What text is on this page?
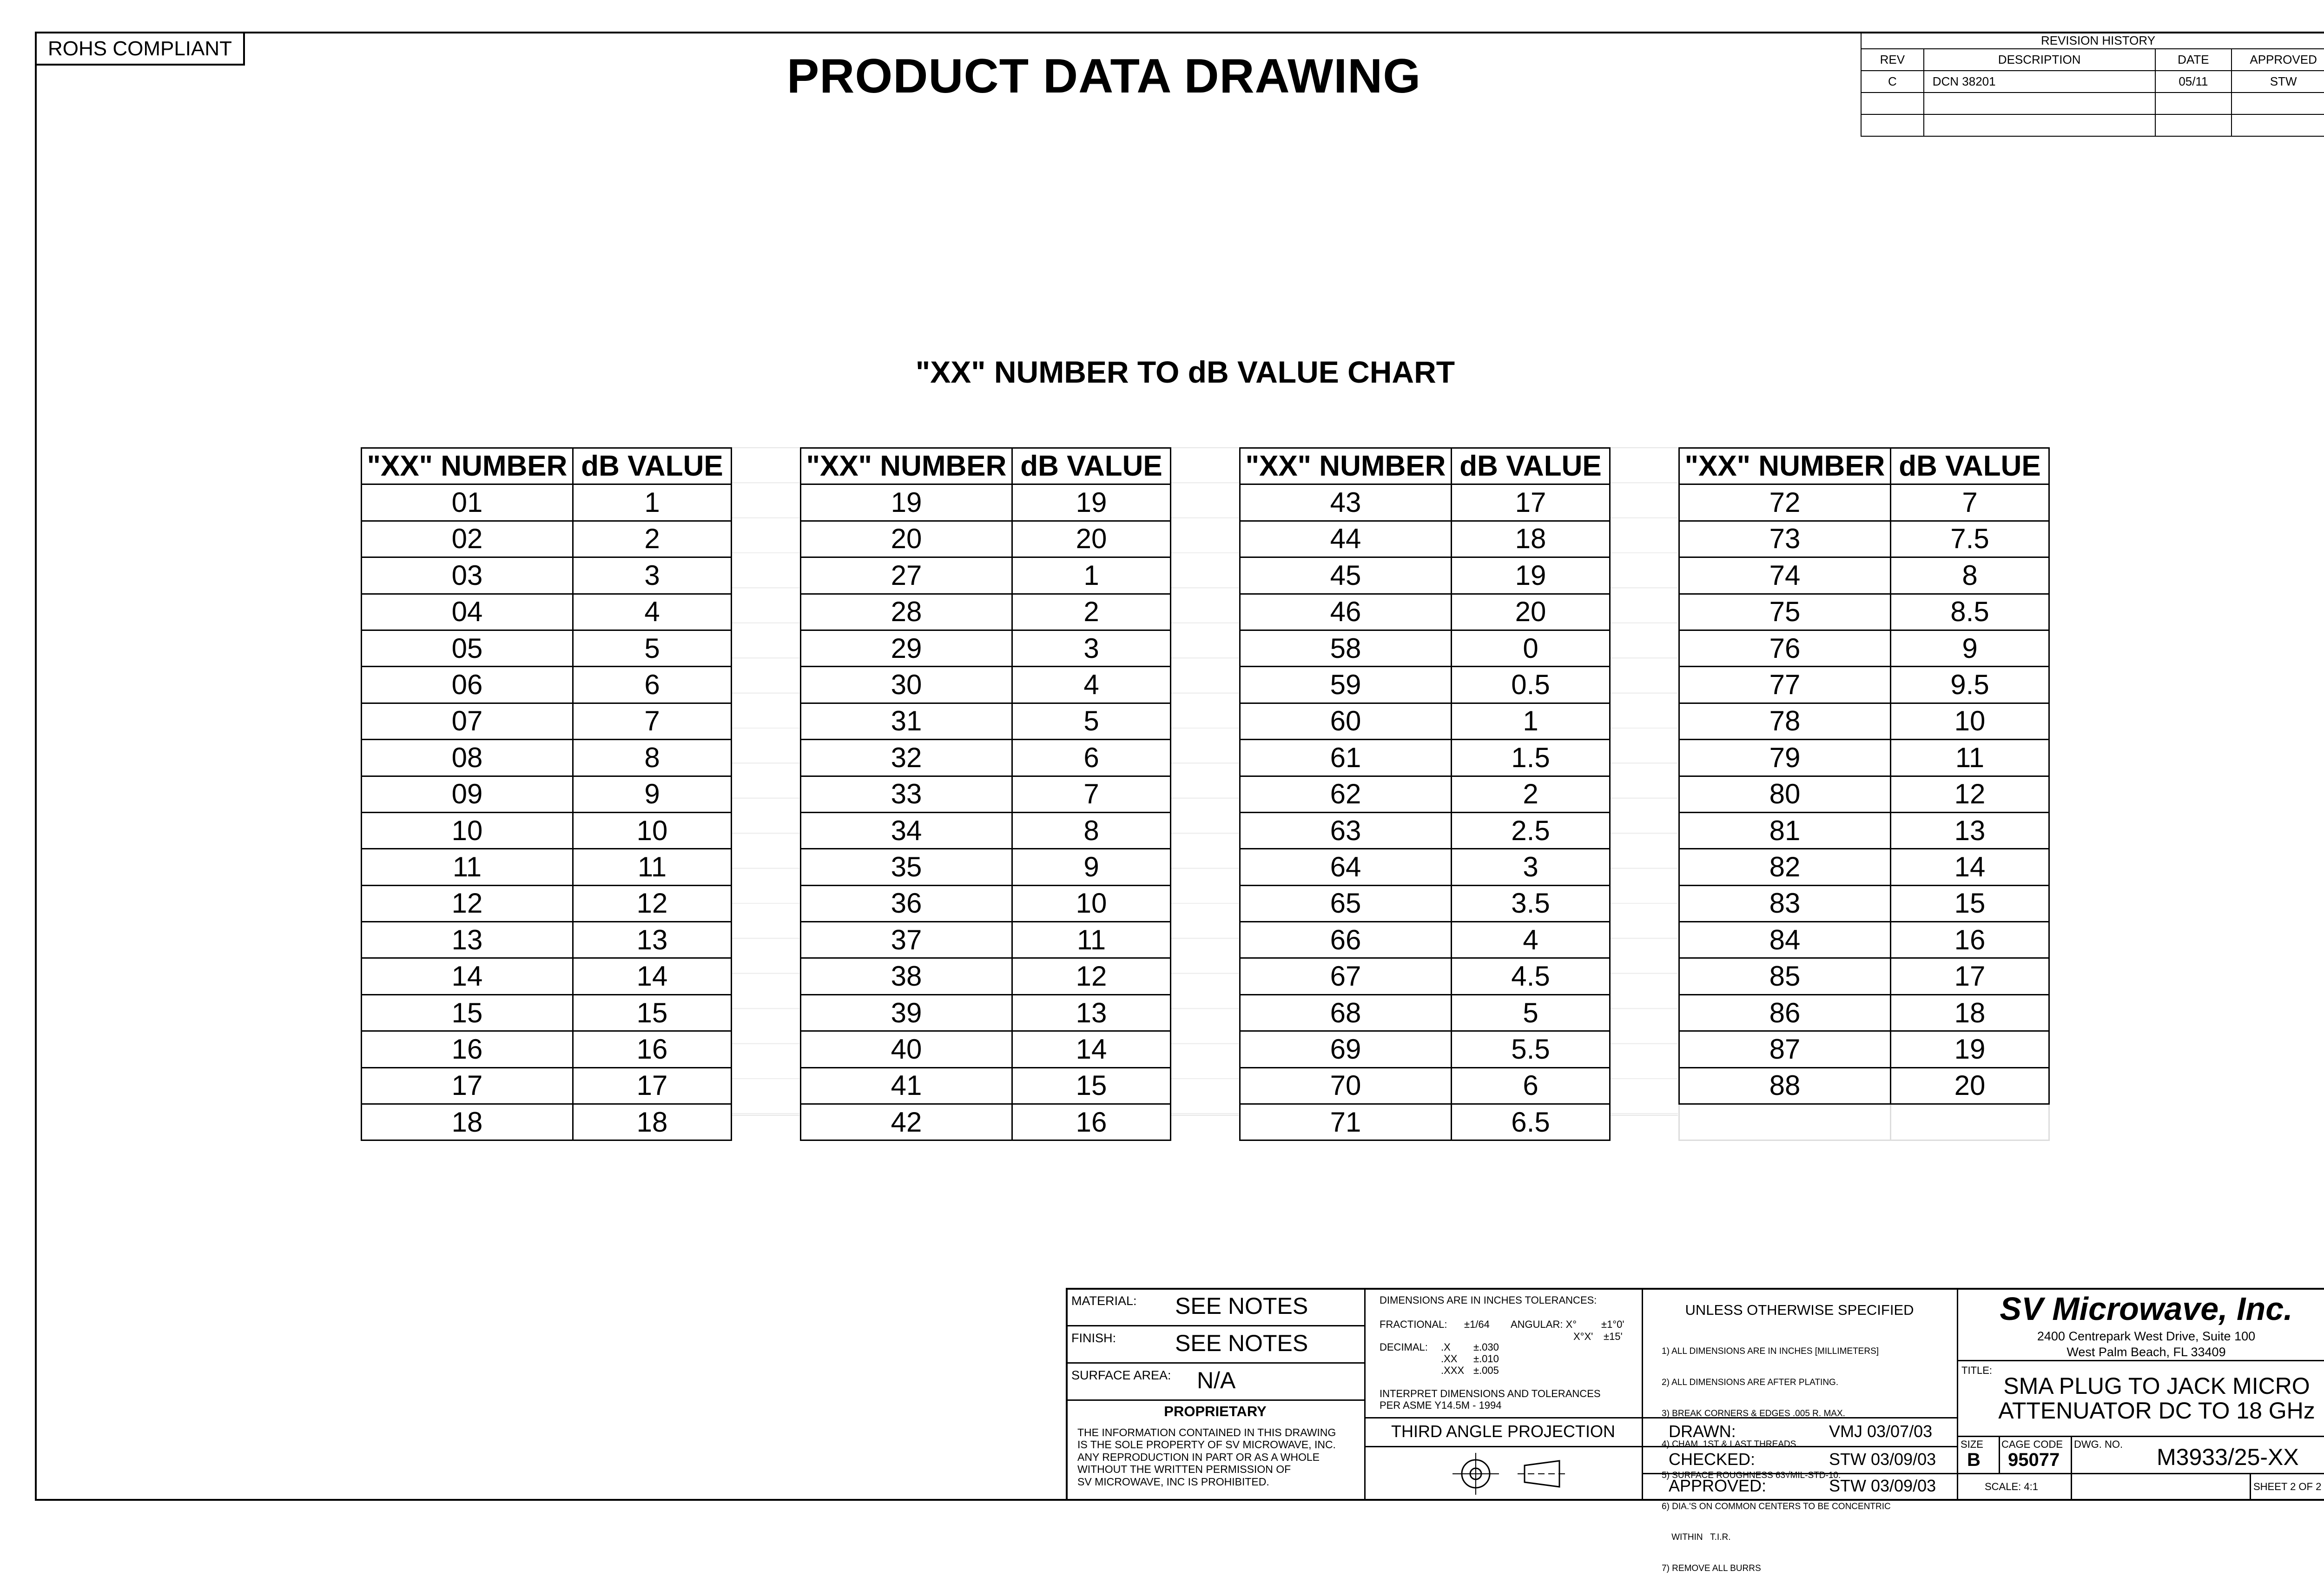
ROHS COMPLIANT
PRODUCT DATA DRAWING
REVISION HISTORY			
REV	DESCRIPTION	DATE	APPROVED
C	DCN 38201	05/11	STW

"XX" NUMBER TO dB VALUE CHART
"XX" NUMBER	dB VALUE
01	1
02	2
03	3
04	4
05	5
06	6
07	7
08	8
09	9
10	10
11	11
12	12
13	13
14	14
15	15
16	16
17	17
18	18
"XX" NUMBER	dB VALUE
19	19
20	20
27	1
28	2
29	3
30	4
31	5
32	6
33	7
34	8
35	9
36	10
37	11
38	12
39	13
40	14
41	15
42	16
"XX" NUMBER	dB VALUE
43	17
44	18
45	19
46	20
58	0
59	0.5
60	1
61	1.5
62	2
63	2.5
64	3
65	3.5
66	4
67	4.5
68	5
69	5.5
70	6
71	6.5
"XX" NUMBER	dB VALUE
72	7
73	7.5
74	8
75	8.5
76	9
77	9.5
78	10
79	11
80	12
81	13
82	14
83	15
84	16
85	17
86	18
87	19
88	20

MATERIAL: SEE NOTES
FINISH:	SEE NOTES
SURFACE AREA: N/A
PROPRIETARY
THE INFORMATION CONTAINED IN THIS DRAWING
IS THE SOLE PROPERTY OF SV MICROWAVE, INC.
ANY REPRODUCTION IN PART OR AS A WHOLE
WITHOUT THE WRITTEN PERMISSION OF
SV MICROWAVE, INC IS PROHIBITED.
DIMENSIONS ARE IN INCHES TOLERANCES:
FRACTIONAL: ±1/64 ANGULAR: X° ±1°0'
X°X' ±15'
DECIMAL: .X	±.030
.XX ±.010
.XXX ±.005
INTERPRET DIMENSIONS AND TOLERANCES
PER ASME Y14.5M - 1994
THIRD ANGLE PROJECTION
UNLESS OTHERWISE SPECIFIED

1) ALL DIMENSIONS ARE IN INCHES [MILLIMETERS]

2) ALL DIMENSIONS ARE AFTER PLATING.

3) BREAK CORNERS & EDGES .005 R. MAX.

4) CHAM. 1ST & LAST THREADS.

5) SURFACE ROUGHNESS 63√MIL-STD-10.

6) DIA.'S ON COMMON CENTERS TO BE CONCENTRIC

WITHIN   T.I.R.

7) REMOVE ALL BURRS

DRAWN:	VMJ 03/07/03
CHECKED:	STW 03/09/03
APPROVED:	STW 03/09/03
SV Microwave, Inc.
2400 Centrepark West Drive, Suite 100
West Palm Beach, FL 33409
TITLE:
SMA PLUG TO JACK MICRO
ATTENUATOR DC TO 18 GHz
SIZE
B
CAGE CODE
95077
DWG. NO. M3933/25-XX
SCALE: 4:1	SHEET 2 OF 2
